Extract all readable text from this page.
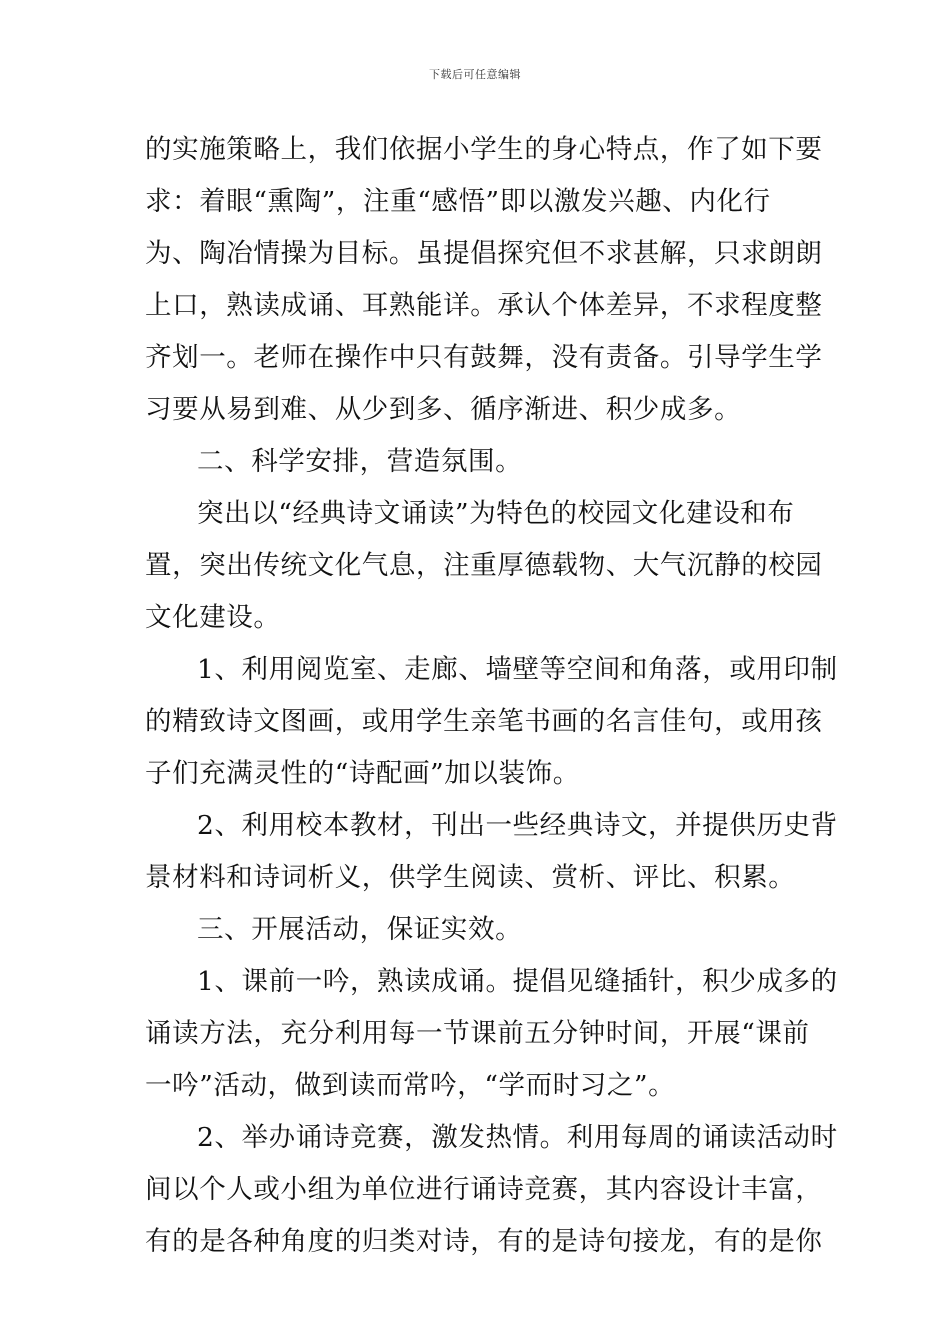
下载后可任意编辑
的实施策略上，我们依据小学生的身心特点，作了如下要
求：着眼“熏陶”，注重“感悟”即以激发兴趣、内化行
为、陶冶情操为目标。虽提倡探究但不求甚解，只求朗朗
上口，熟读成诵、耳熟能详。承认个体差异，不求程度整
齐划一。老师在操作中只有鼓舞，没有责备。引导学生学
习要从易到难、从少到多、循序渐进、积少成多。
二、科学安排，营造氛围。
突出以“经典诗文诵读”为特色的校园文化建设和布
置，突出传统文化气息，注重厚德载物、大气沉静的校园
文化建设。
1、利用阅览室、走廊、墙壁等空间和角落，或用印制
的精致诗文图画，或用学生亲笔书画的名言佳句，或用孩
子们充满灵性的“诗配画”加以装饰。
2、利用校本教材，刊出一些经典诗文，并提供历史背
景材料和诗词析义，供学生阅读、赏析、评比、积累。
三、开展活动，保证实效。
1、课前一吟，熟读成诵。提倡见缝插针，积少成多的
诵读方法，充分利用每一节课前五分钟时间，开展“课前
一吟”活动，做到读而常吟，“学而时习之”。
2、举办诵诗竞赛，激发热情。利用每周的诵读活动时
间以个人或小组为单位进行诵诗竞赛，其内容设计丰富，
有的是各种角度的归类对诗，有的是诗句接龙，有的是你
